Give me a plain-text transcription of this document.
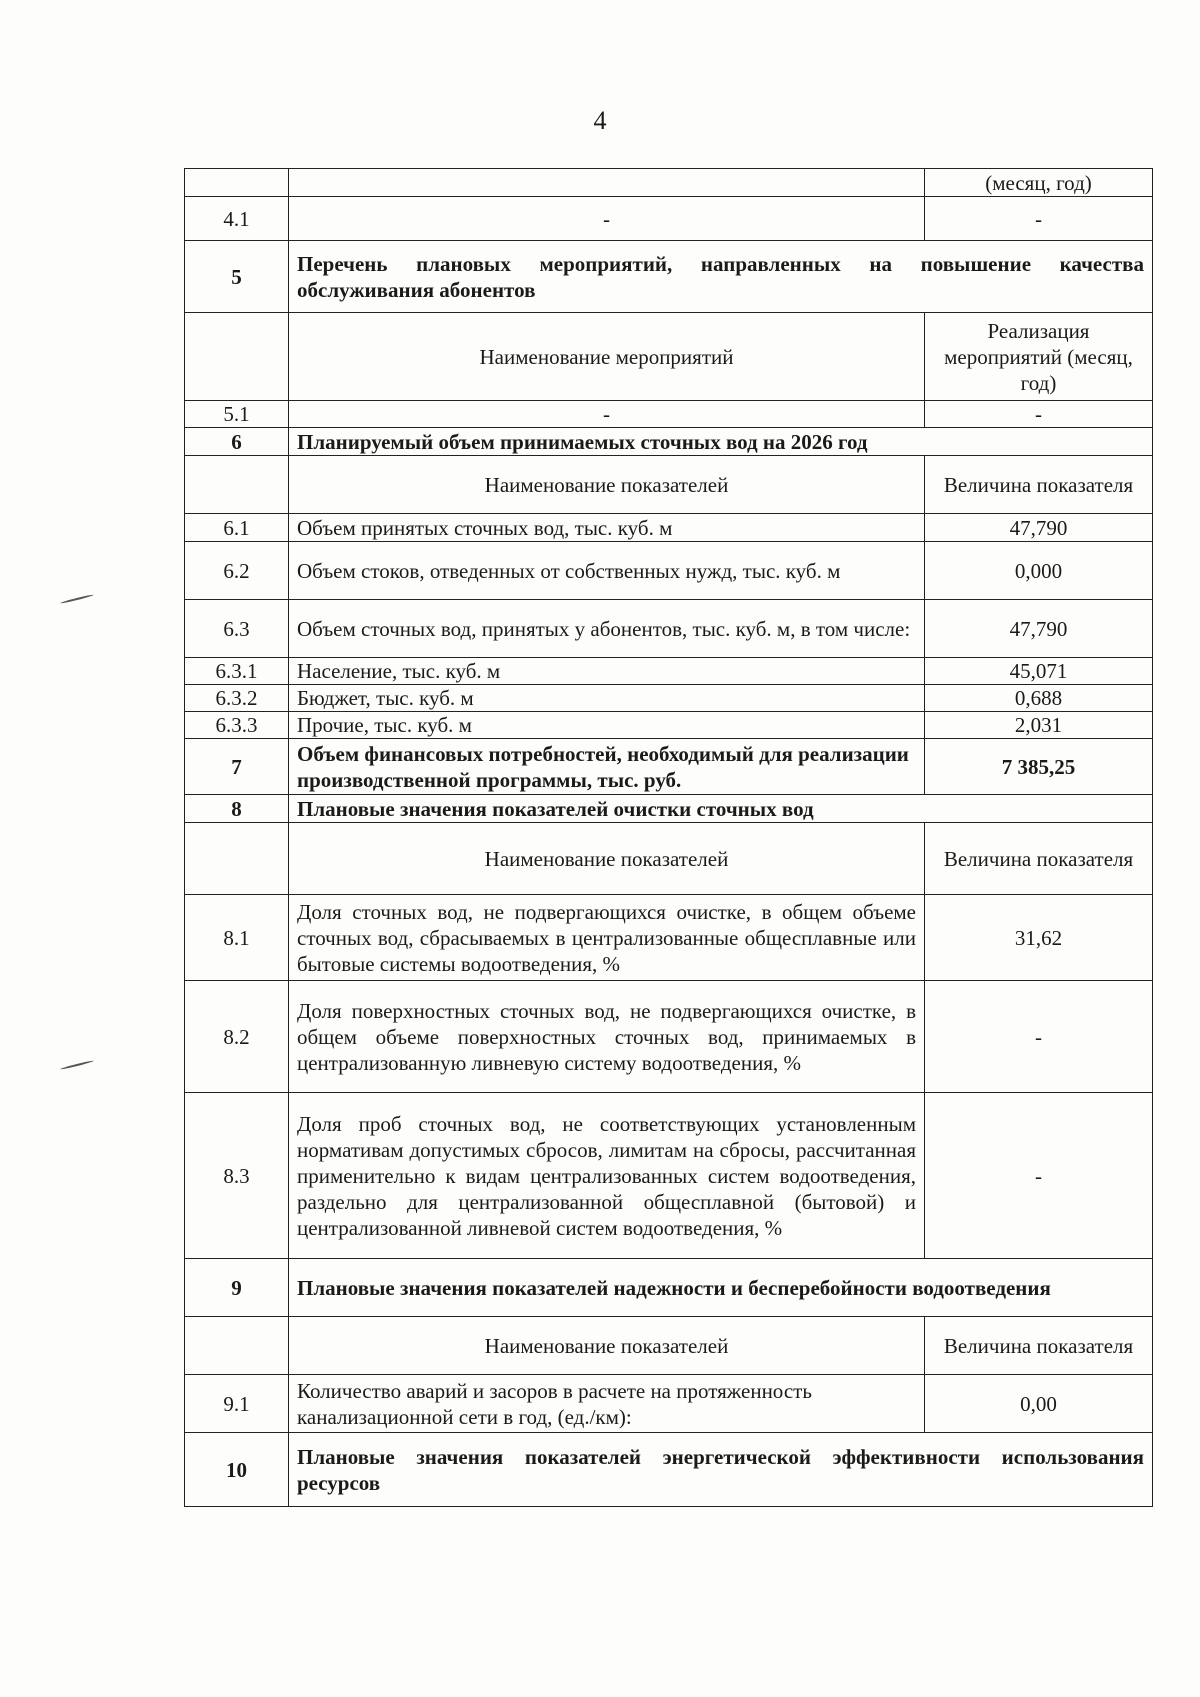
4
		(месяц, год)
4.1	-	-
5	Перечень плановых мероприятий, направленных на повышение качества обслуживания абонентов	
	Наименование мероприятий	Реализация мероприятий (месяц, год)
5.1	-	-
6	Планируемый объем принимаемых сточных вод на 2026 год	
	Наименование показателей	Величина показателя
6.1	Объем принятых сточных вод, тыс. куб. м	47,790
6.2	Объем стоков, отведенных от собственных нужд, тыс. куб. м	0,000
6.3	Объем сточных вод, принятых у абонентов, тыс. куб. м, в том числе:	47,790
6.3.1	Население, тыс. куб. м	45,071
6.3.2	Бюджет, тыс. куб. м	0,688
6.3.3	Прочие, тыс. куб. м	2,031
7	Объем финансовых потребностей, необходимый для реализации производственной программы, тыс. руб.	7 385,25
8	Плановые значения показателей очистки сточных вод	
	Наименование показателей	Величина показателя
8.1	Доля сточных вод, не подвергающихся очистке, в общем объеме сточных вод, сбрасываемых в централизованные общесплавные или бытовые системы водоотведения, %	31,62
8.2	Доля поверхностных сточных вод, не подвергающихся очистке, в общем объеме поверхностных сточных вод, принимаемых в централизованную ливневую систему водоотведения, %	-
8.3	Доля проб сточных вод, не соответствующих установленным нормативам допустимых сбросов, лимитам на сбросы, рассчитанная применительно к видам централизованных систем водоотведения, раздельно для централизованной общесплавной (бытовой) и централизованной ливневой систем водоотведения, %	-
9	Плановые значения показателей надежности и бесперебойности водоотведения	
	Наименование показателей	Величина показателя
9.1	Количество аварий и засоров в расчете на протяженность канализационной сети в год, (ед./км):	0,00
10	Плановые значения показателей энергетической эффективности использования ресурсов	
